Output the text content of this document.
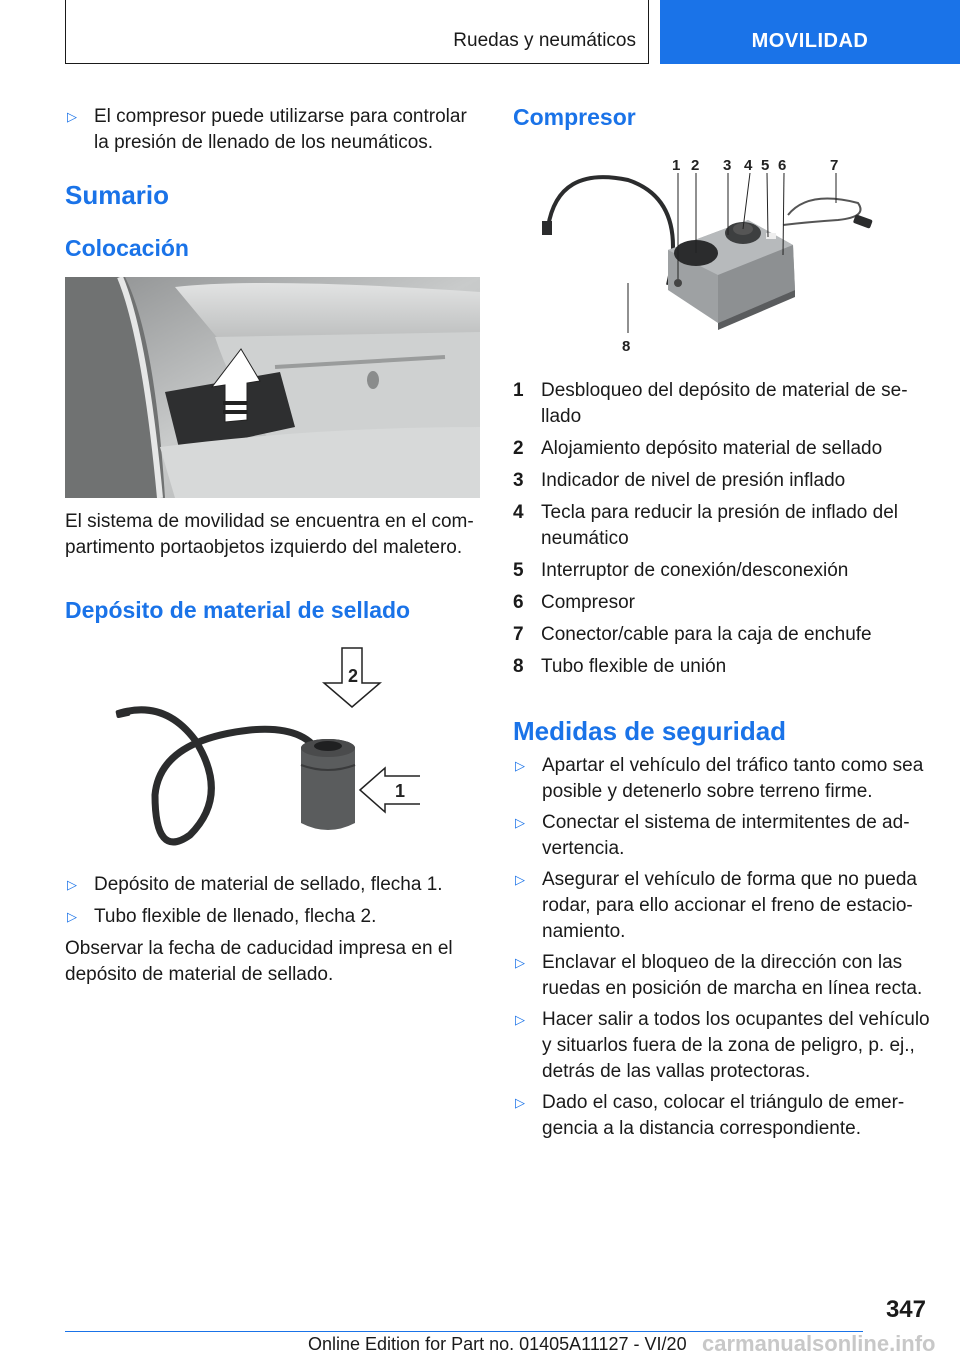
Ruedas y neumáticos	MOVILIDAD
▷ El compresor puede utilizarse para controlar la presión de llenado de los neumáticos.
Sumario
Colocación
El sistema de movilidad se encuentra en el compartimento portaobjetos izquierdo del maletero.
Depósito de material de sellado
2
1
▷ Depósito de material de sellado, flecha 1.
▷ Tubo flexible de llenado, flecha 2.
Observar la fecha de caducidad impresa en el depósito de material de sellado.
Compresor
1 2 3 4 5 6	7
8
1 Desbloqueo del depósito de material de sellado
2 Alojamiento depósito material de sellado
3 Indicador de nivel de presión inflado
4 Tecla para reducir la presión de inflado del neumático
5 Interruptor de conexión/desconexión
6 Compresor
7 Conector/cable para la caja de enchufe
8 Tubo flexible de unión
Medidas de seguridad
▷ Apartar el vehículo del tráfico tanto como sea posible y detenerlo sobre terreno firme.
▷ Conectar el sistema de intermitentes de advertencia.
▷ Asegurar el vehículo de forma que no pueda rodar, para ello accionar el freno de estacionamiento.
▷ Enclavar el bloqueo de la dirección con las ruedas en posición de marcha en línea recta.
▷ Hacer salir a todos los ocupantes del vehículo y situarlos fuera de la zona de peligro, p. ej., detrás de las vallas protectoras.
▷ Dado el caso, colocar el triángulo de emergencia a la distancia correspondiente.
347
Online Edition for Part no. 01405A11127 - VI/20 carmanualsonline.info
